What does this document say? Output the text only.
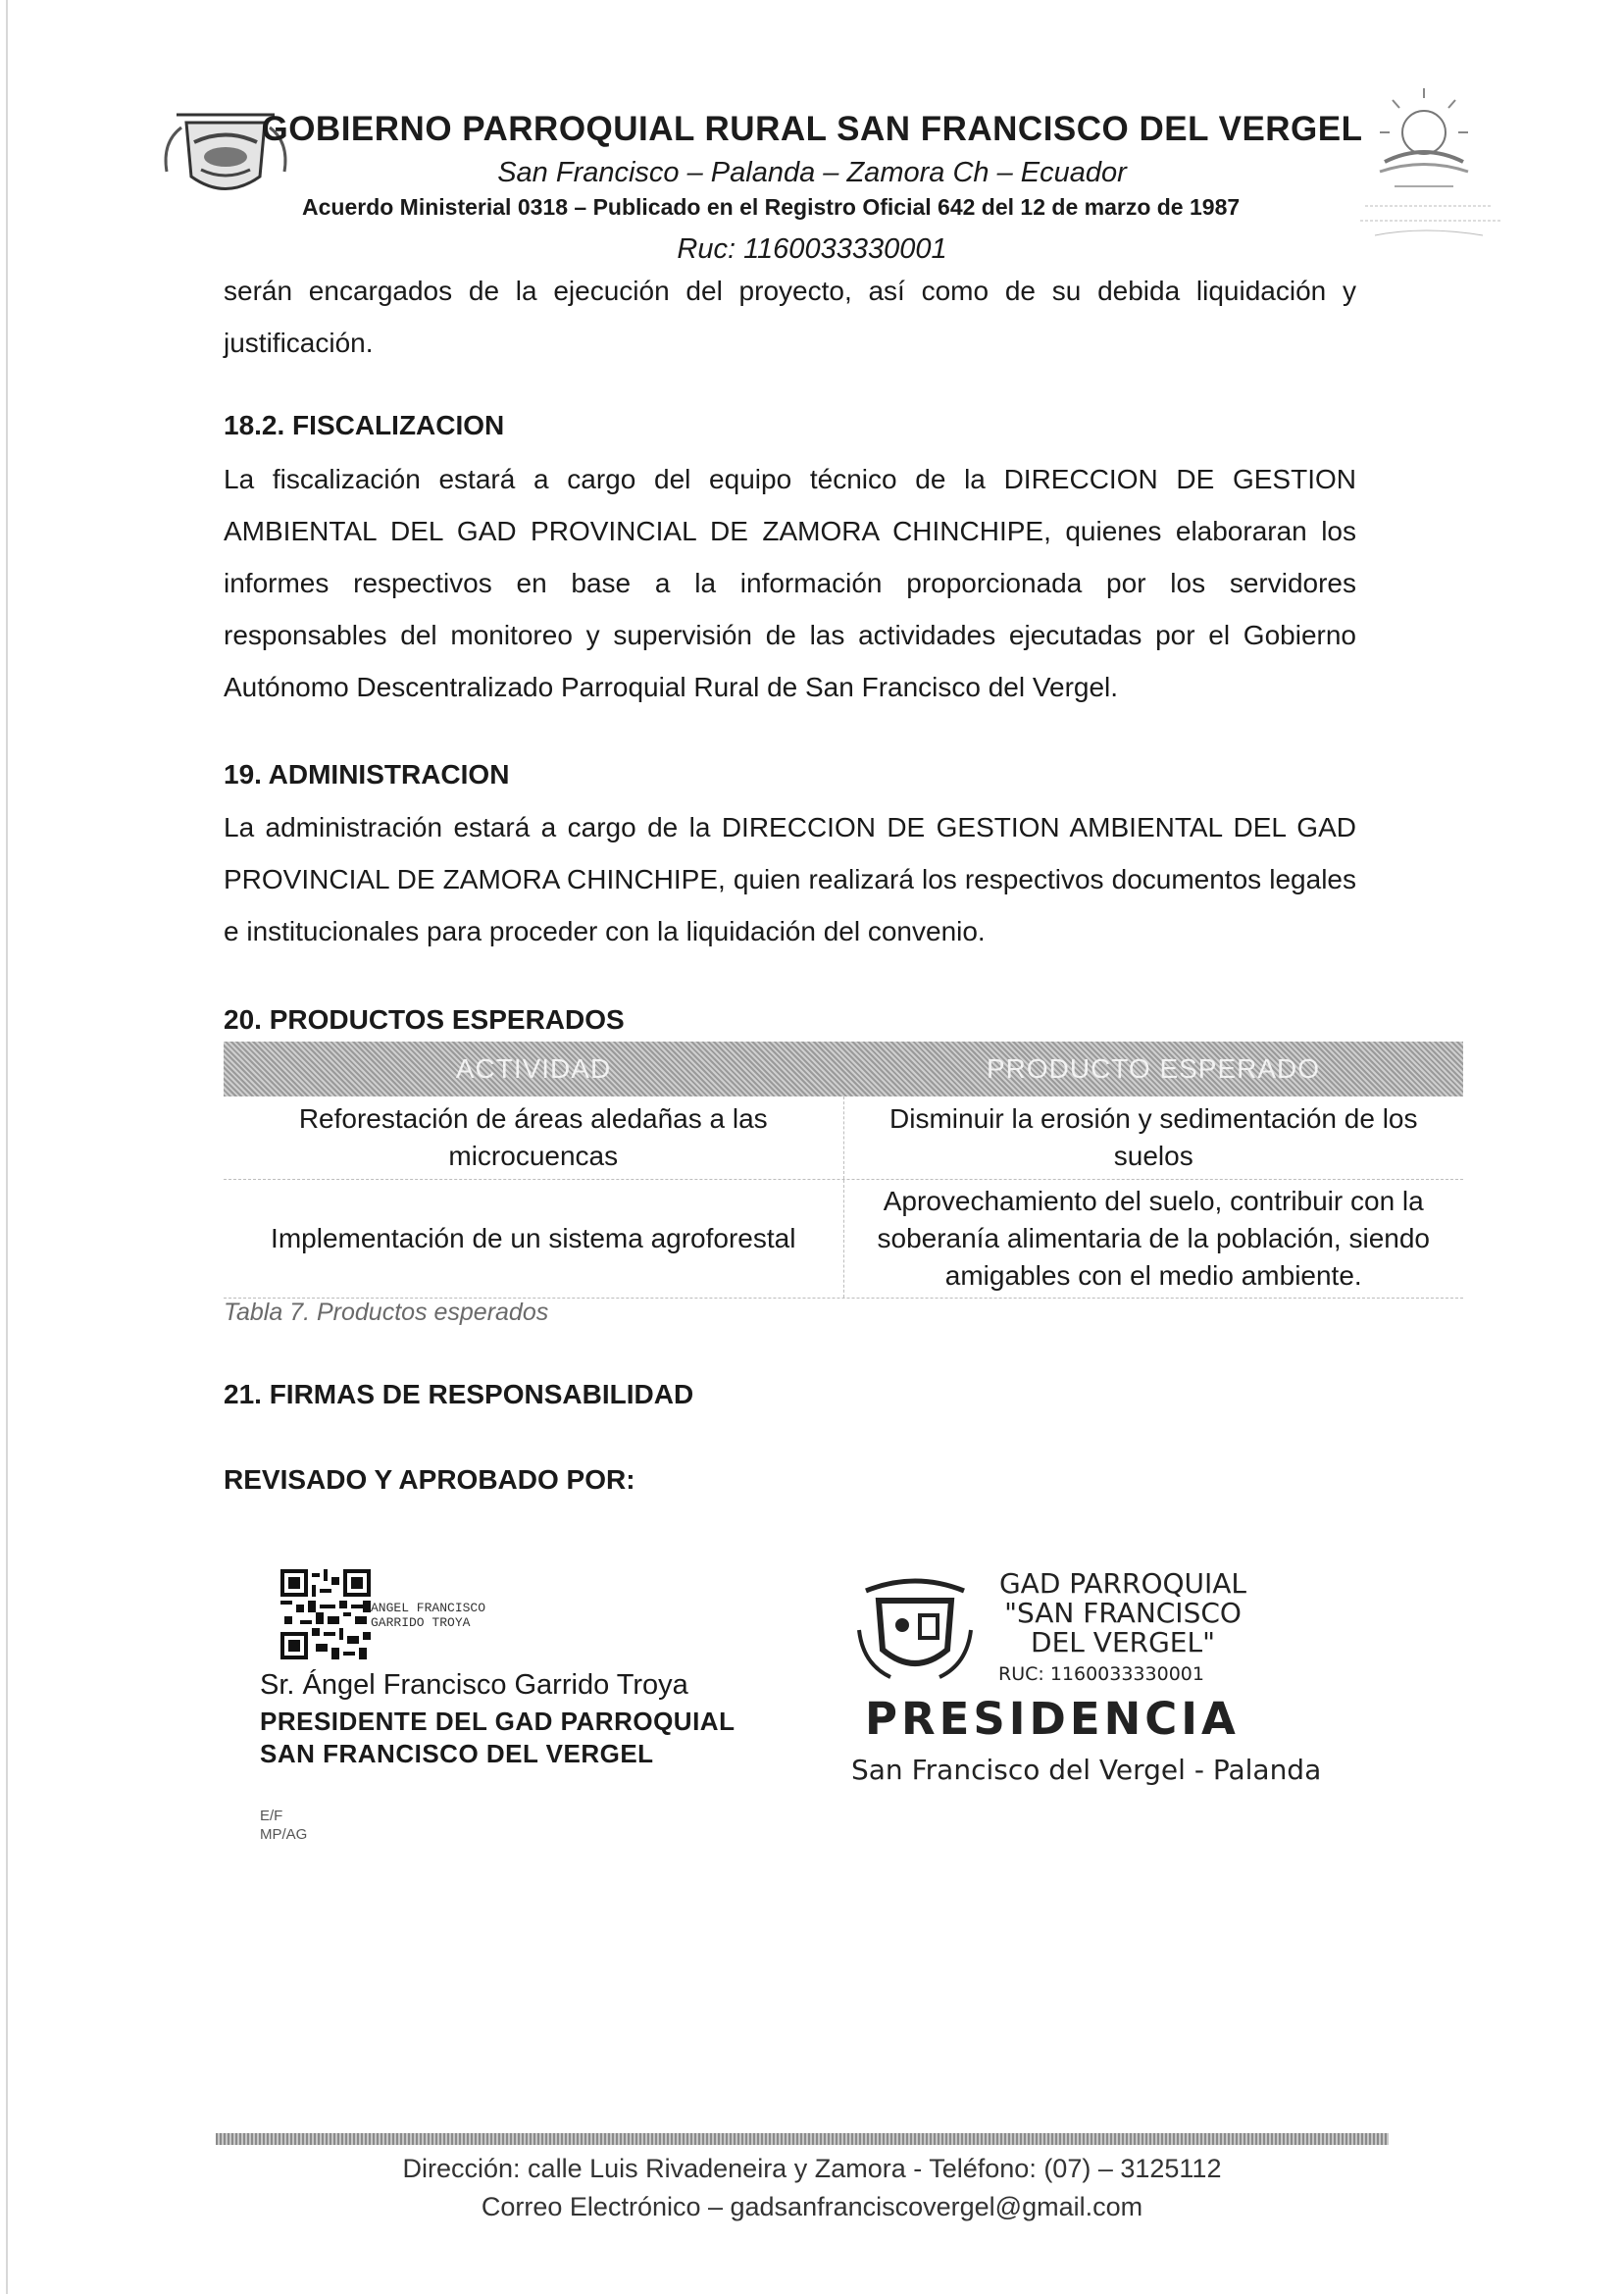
GOBIERNO PARROQUIAL RURAL SAN FRANCISCO DEL VERGEL
San Francisco – Palanda – Zamora Ch – Ecuador
Acuerdo Ministerial 0318 – Publicado en el Registro Oficial 642 del 12 de marzo de 1987
Ruc: 1160033330001
serán encargados de la ejecución del proyecto, así como de su debida liquidación y justificación.
18.2. FISCALIZACION
La fiscalización estará a cargo del equipo técnico de la DIRECCION DE GESTION AMBIENTAL DEL GAD PROVINCIAL DE ZAMORA CHINCHIPE, quienes elaboraran los informes respectivos en base a la información proporcionada por los servidores responsables del monitoreo y supervisión de las actividades ejecutadas por el Gobierno Autónomo Descentralizado Parroquial Rural de San Francisco del Vergel.
19. ADMINISTRACION
La administración estará a cargo de la DIRECCION DE GESTION AMBIENTAL DEL GAD PROVINCIAL DE ZAMORA CHINCHIPE, quien realizará los respectivos documentos legales e institucionales para proceder con la liquidación del convenio.
20. PRODUCTOS ESPERADOS
ACTIVIDAD	PRODUCTO ESPERADO
Reforestación de áreas aledañas a las microcuencas
Disminuir la erosión y sedimentación de los suelos
Implementación de un sistema agroforestal
Aprovechamiento del suelo, contribuir con la soberanía alimentaria de la población, siendo amigables con el medio ambiente.
Tabla 7. Productos esperados
21. FIRMAS DE RESPONSABILIDAD
REVISADO Y APROBADO POR:
ANGEL FRANCISCO
GARRIDO TROYA
Sr. Ángel Francisco Garrido Troya
PRESIDENTE DEL GAD PARROQUIAL
SAN FRANCISCO DEL VERGEL
E/F
MP/AG
GAD PARROQUIAL
"SAN FRANCISCO
DEL VERGEL"
RUC: 1160033330001
PRESIDENCIA
San Francisco del Vergel - Palanda
Dirección: calle Luis Rivadeneira y Zamora - Teléfono: (07) – 3125112
Correo Electrónico – gadsanfranciscovergel@gmail.com
